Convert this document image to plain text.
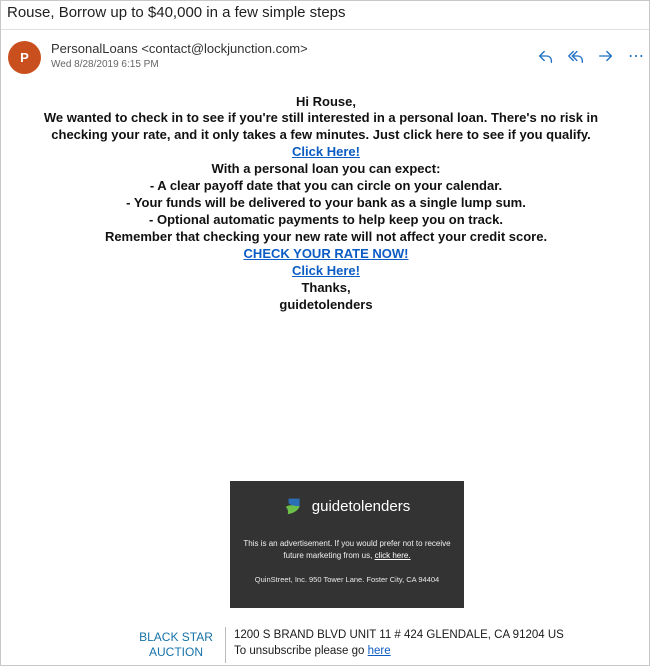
Rouse, Borrow up to $40,000 in a few simple steps
P
PersonalLoans <contact@lockjunction.com>
Wed 8/28/2019 6:15 PM	⋯

Hi Rouse,

We wanted to check in to see if you're still interested in a personal loan. There's no risk in checking your rate, and it only takes a few minutes. Just click here to see if you qualify.

Click Here!

With a personal loan you can expect:

- A clear payoff date that you can circle on your calendar.

- Your funds will be delivered to your bank as a single lump sum.

- Optional automatic payments to help keep you on track.

Remember that checking your new rate will not affect your credit score.

CHECK YOUR RATE NOW!

Click Here!

Thanks,

guidetolenders

guidetolenders

This is an advertisement. If you would prefer not to receive future marketing from us, click here.

QuinStreet, Inc. 950 Tower Lane. Foster City, CA 94404

BLACK STAR
AUCTION
1200 S BRAND BLVD UNIT 11 # 424 GLENDALE, CA 91204 US
To unsubscribe please go here
